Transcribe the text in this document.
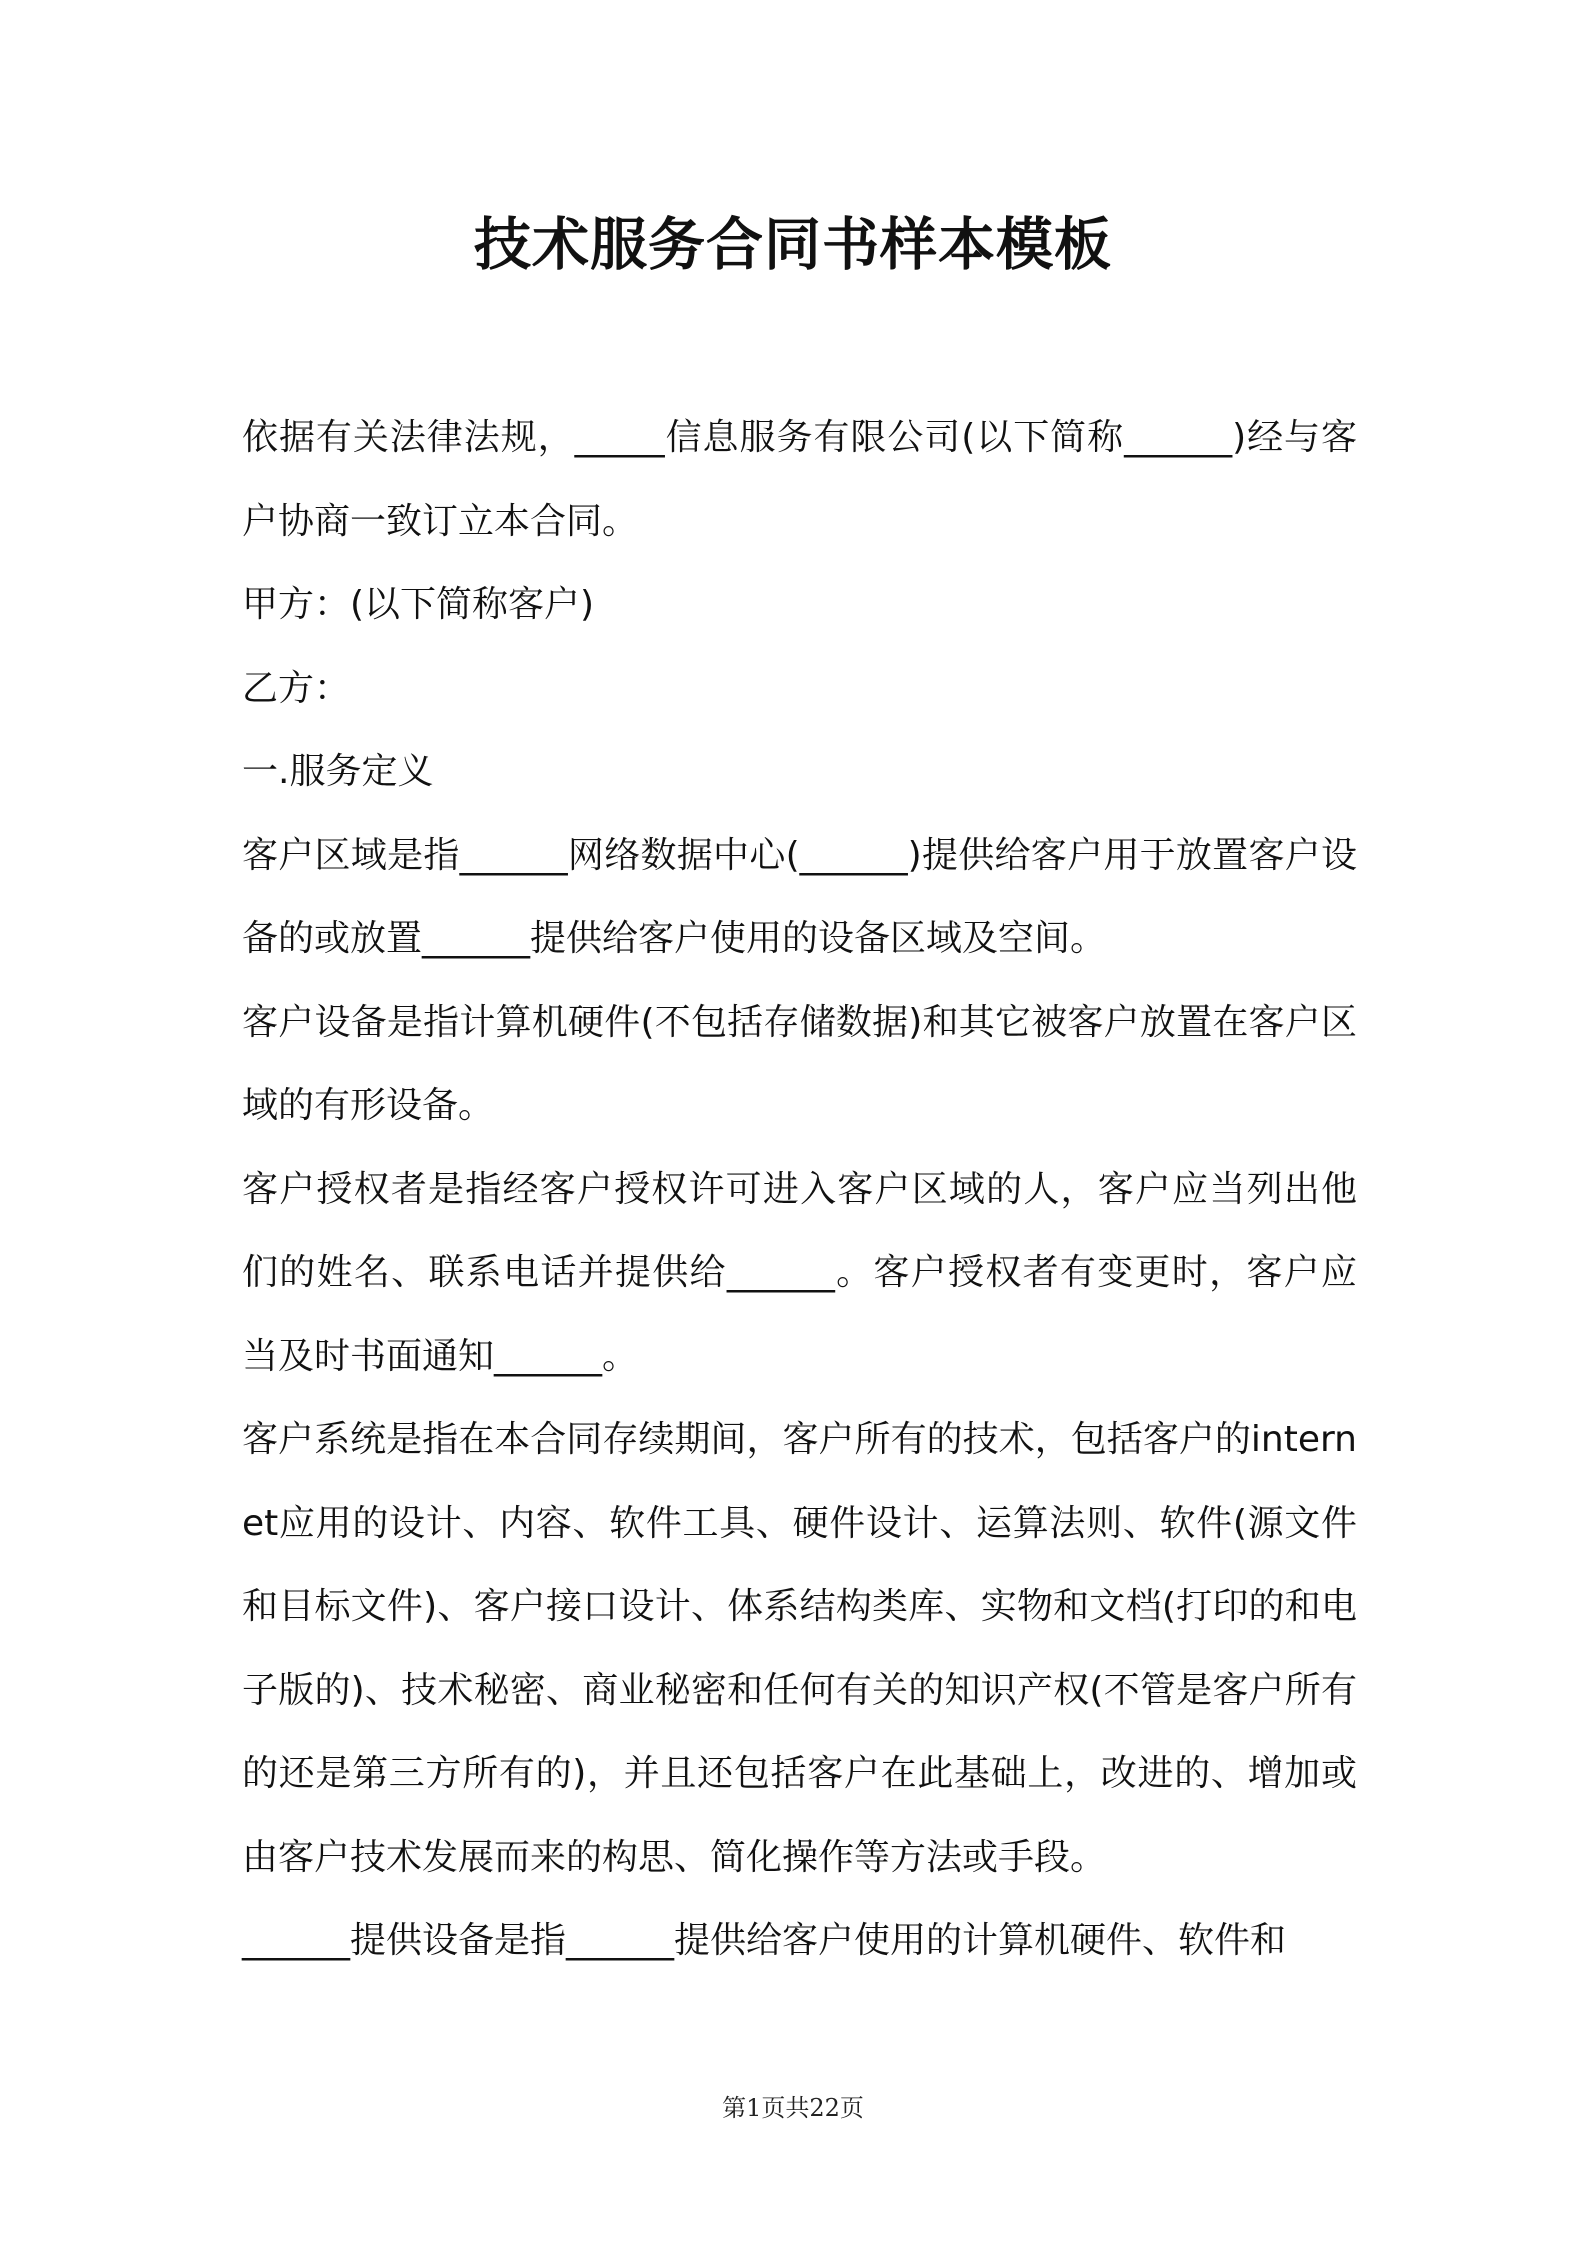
技术服务合同书样本模板

依据有关法律法规，_____信息服务有限公司(以下简称______)经与客户协商一致订立本合同。

甲方：(以下简称客户)

乙方：

一.服务定义

客户区域是指______网络数据中心(______)提供给客户用于放置客户设备的或放置______提供给客户使用的设备区域及空间。

客户设备是指计算机硬件(不包括存储数据)和其它被客户放置在客户区域的有形设备。

客户授权者是指经客户授权许可进入客户区域的人，客户应当列出他们的姓名、联系电话并提供给______。客户授权者有变更时，客户应当及时书面通知______。

客户系统是指在本合同存续期间，客户所有的技术，包括客户的internet应用的设计、内容、软件工具、硬件设计、运算法则、软件(源文件和目标文件)、客户接口设计、体系结构类库、实物和文档(打印的和电子版的)、技术秘密、商业秘密和任何有关的知识产权(不管是客户所有的还是第三方所有的)，并且还包括客户在此基础上，改进的、增加或由客户技术发展而来的构思、简化操作等方法或手段。

______提供设备是指______提供给客户使用的计算机硬件、软件和

第1页共22页
